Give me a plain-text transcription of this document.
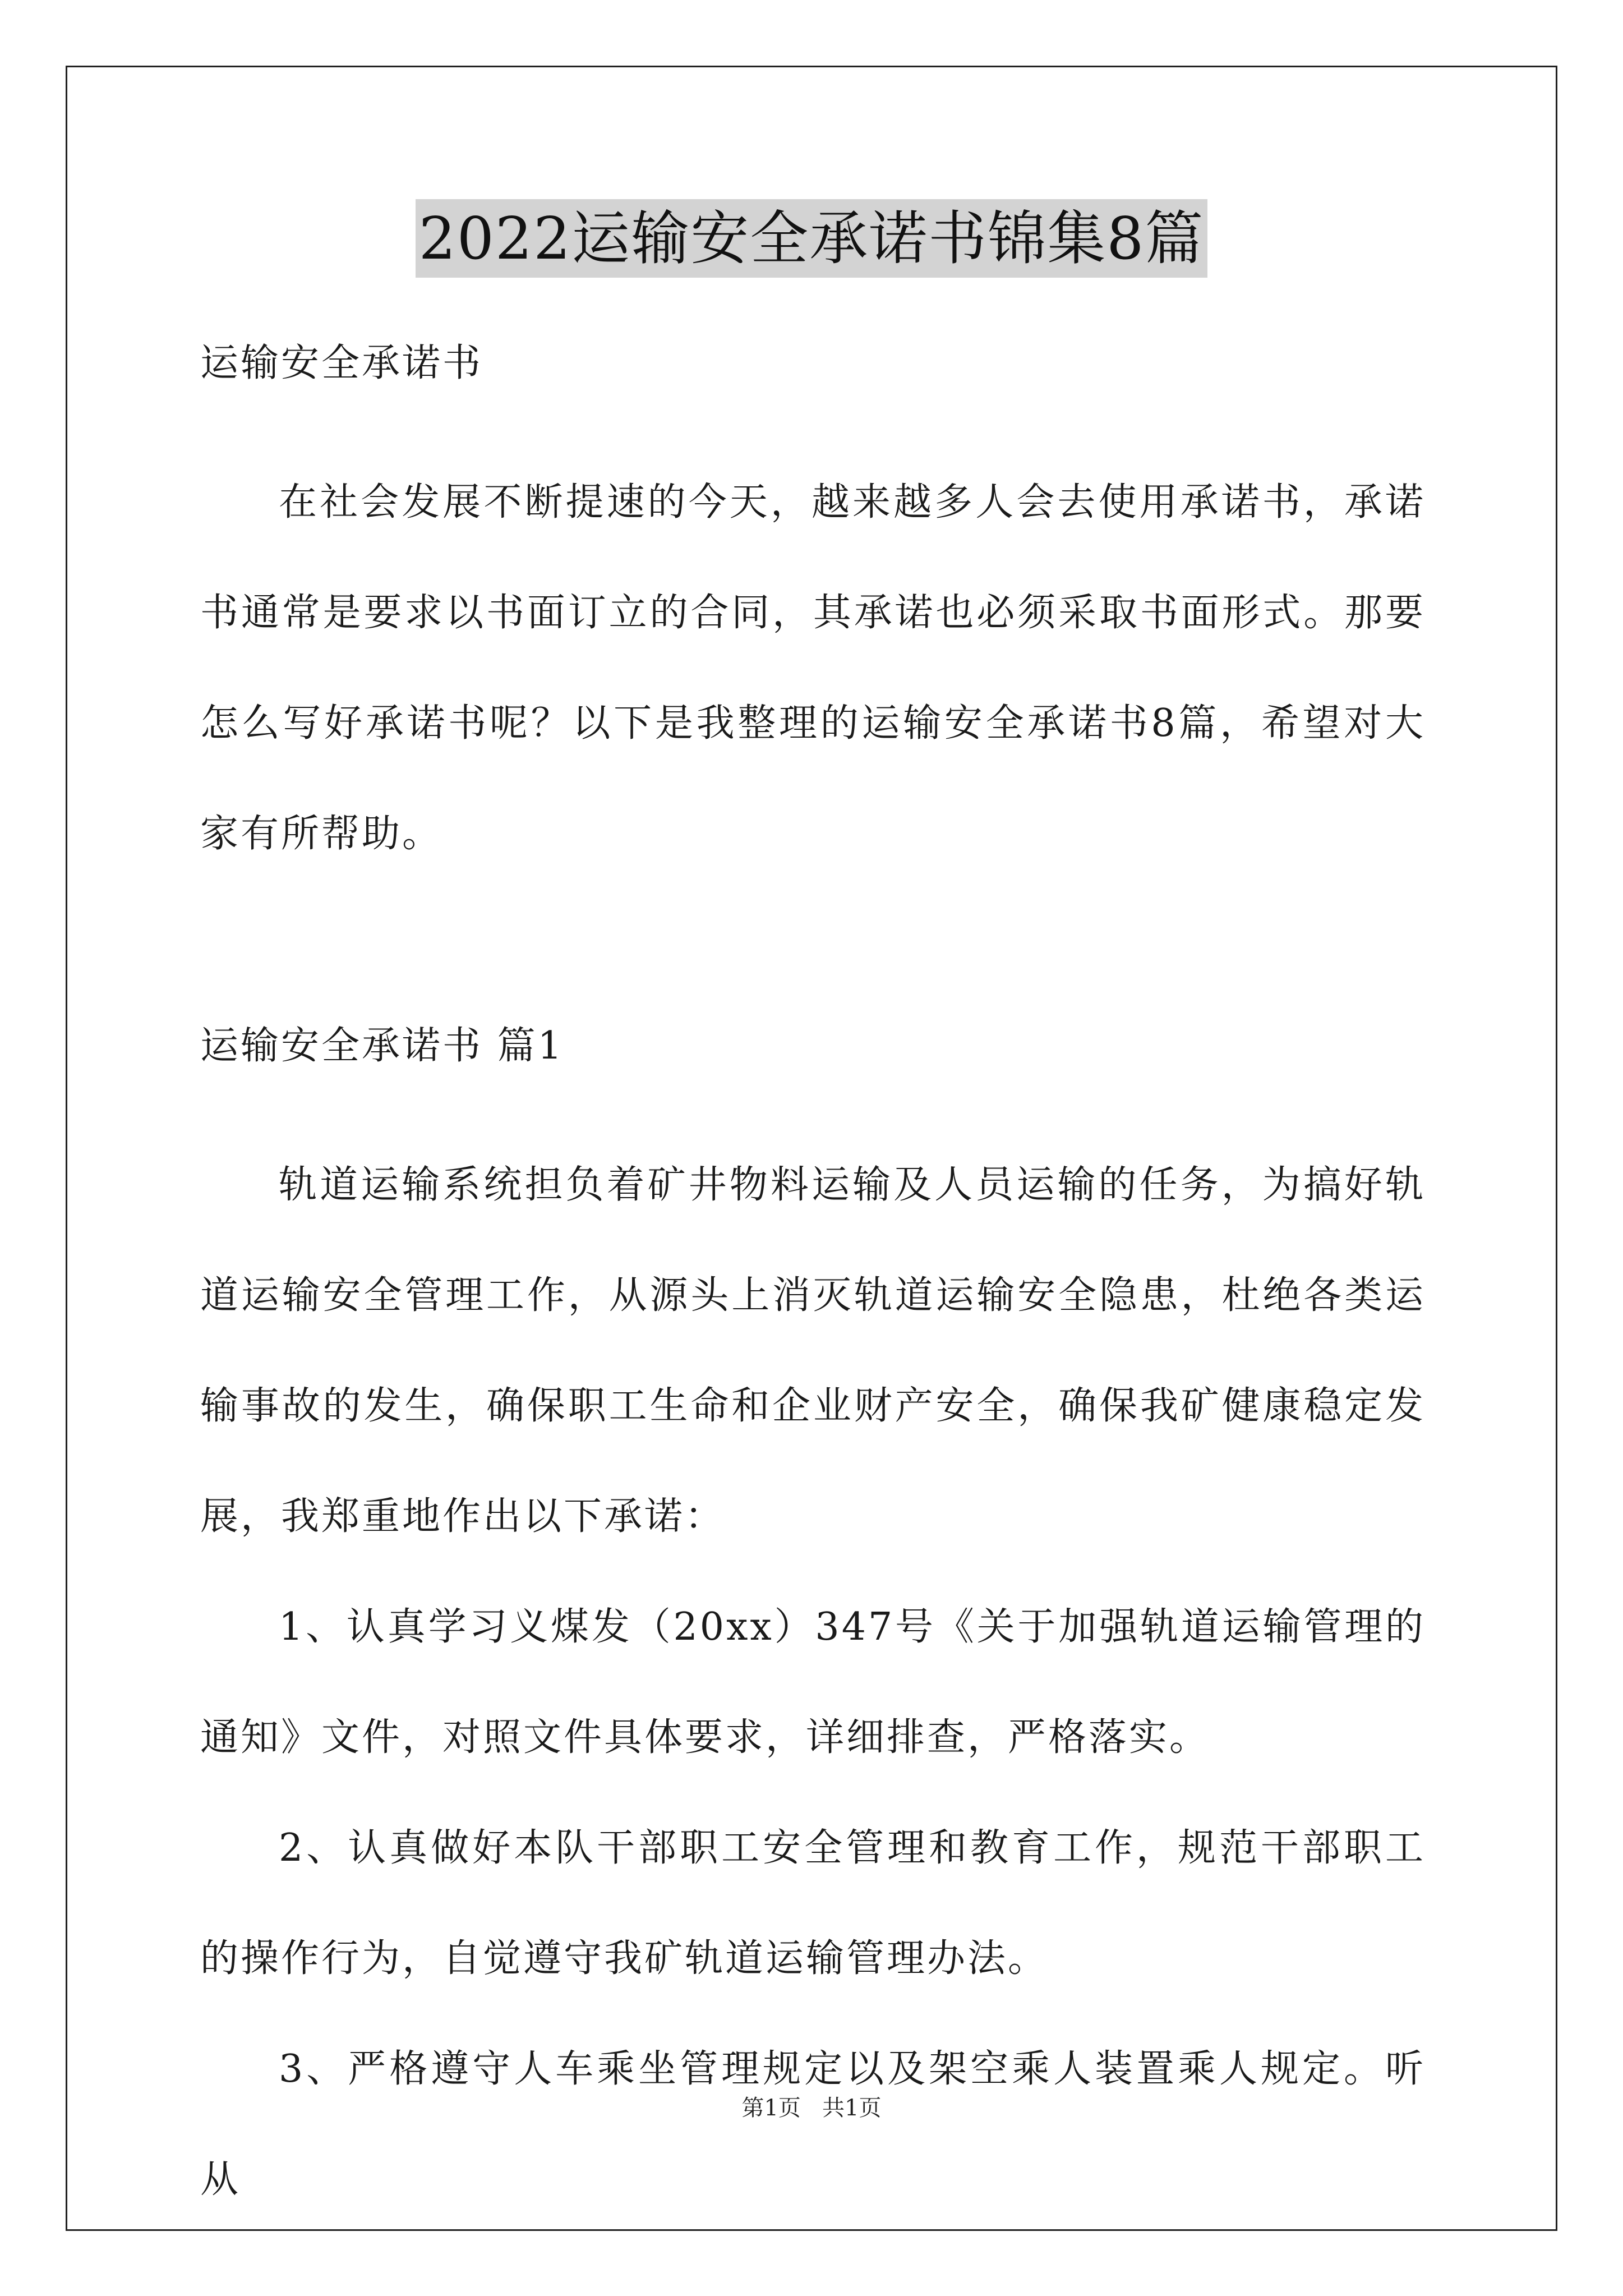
2022运输安全承诺书锦集8篇

运输安全承诺书

在社会发展不断提速的今天，越来越多人会去使用承诺书，承诺书通常是要求以书面订立的合同，其承诺也必须采取书面形式。那要怎么写好承诺书呢？以下是我整理的运输安全承诺书8篇，希望对大家有所帮助。

运输安全承诺书 篇1

轨道运输系统担负着矿井物料运输及人员运输的任务，为搞好轨道运输安全管理工作，从源头上消灭轨道运输安全隐患，杜绝各类运输事故的发生，确保职工生命和企业财产安全，确保我矿健康稳定发展，我郑重地作出以下承诺：

1、认真学习义煤发（20xx）347号《关于加强轨道运输管理的通知》文件，对照文件具体要求，详细排查，严格落实。

2、认真做好本队干部职工安全管理和教育工作，规范干部职工的操作行为，自觉遵守我矿轨道运输管理办法。

3、严格遵守人车乘坐管理规定以及架空乘人装置乘人规定。听从

第1页   共1页
